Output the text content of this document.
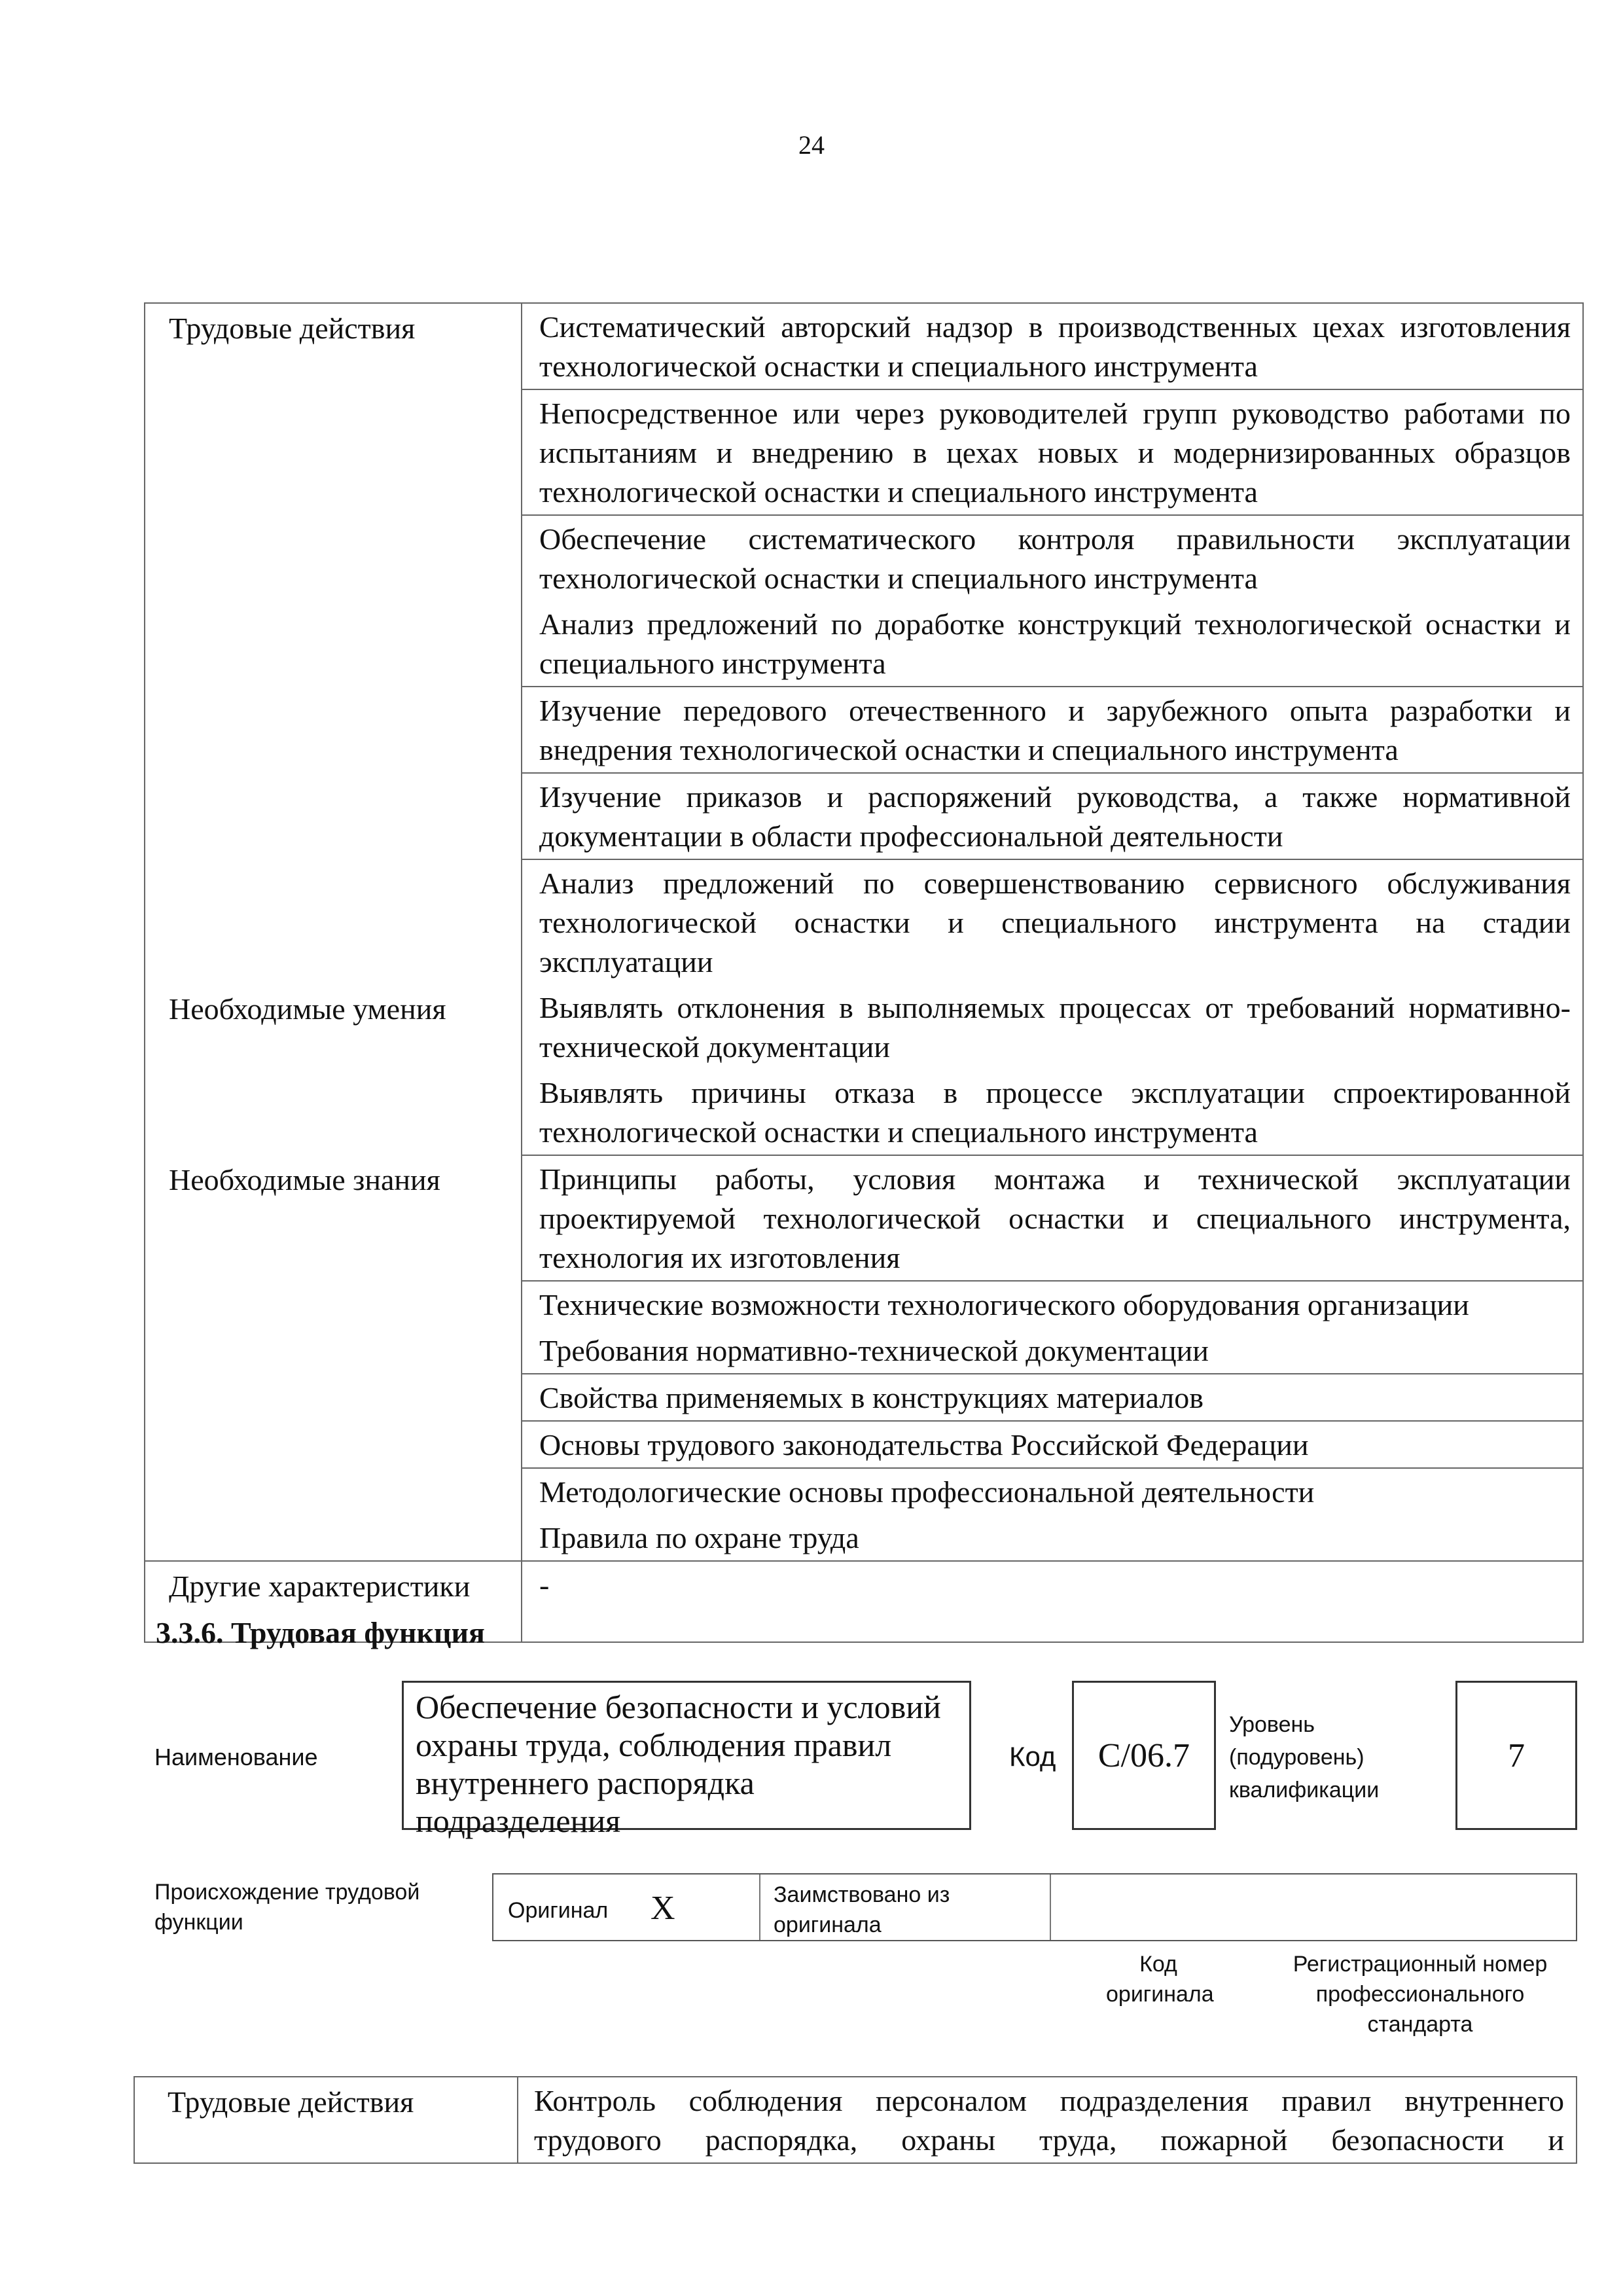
24
Трудовые действия	Систематический авторский надзор в производственных цехах изготовления технологической оснастки и специального инструмента
	Непосредственное или через руководителей групп руководство работами по испытаниям и внедрению в цехах новых и модернизированных образцов технологической оснастки и специального инструмента
	Обеспечение систематического контроля правильности эксплуатации технологической оснастки и специального инструмента
	Анализ предложений по доработке конструкций технологической оснастки и специального инструмента
	Изучение передового отечественного и зарубежного опыта разработки и внедрения технологической оснастки и специального инструмента
	Изучение приказов и распоряжений руководства, а также нормативной документации в области профессиональной деятельности
	Анализ предложений по совершенствованию сервисного обслуживания технологической оснастки и специального инструмента на стадии эксплуатации
Необходимые умения	Выявлять отклонения в выполняемых процессах от требований нормативно-технической документации
	Выявлять причины отказа в процессе эксплуатации спроектированной технологической оснастки и специального инструмента
Необходимые знания	Принципы работы, условия монтажа и технической эксплуатации проектируемой технологической оснастки и специального инструмента, технология их изготовления
	Технические возможности технологического оборудования организации
	Требования нормативно-технической документации
	Свойства применяемых в конструкциях материалов
	Основы трудового законодательства Российской Федерации
	Методологические основы профессиональной деятельности
	Правила по охране труда
Другие характеристики	-
3.3.6. Трудовая функция
Наименование
Обеспечение безопасности и условий охраны труда, соблюдения правил внутреннего распорядка подразделения
Код	С/06.7
Уровень (подуровень) квалификации
7
Происхождение трудовой функции	Оригинал X	Заимствовано из оригинала
Код оригинала
Регистрационный номер профессионального стандарта
Трудовые действия	Контроль соблюдения персоналом подразделения правил внутреннего трудового распорядка, охраны труда, пожарной безопасности и
